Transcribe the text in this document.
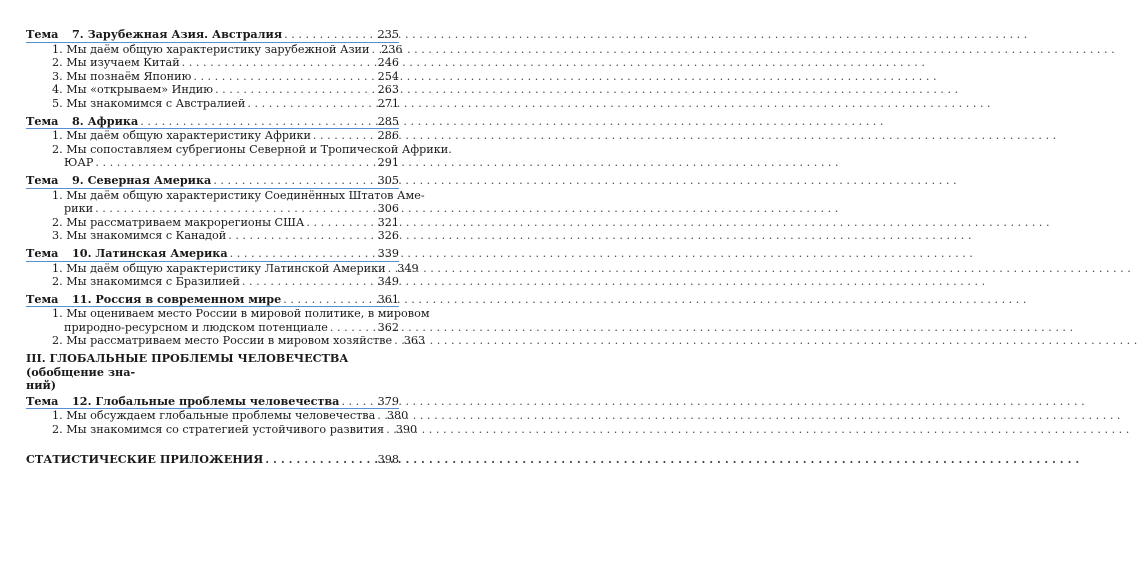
Тема 7. Зарубежная Азия. Австралия . . .	235
1. Мы даём общую характеристику зарубежной Азии . . . 236
2. Мы изучаем Китай . . .	246
3. Мы познаём Японию . . .	254
4. Мы «открываем» Индию . . .	263
5. Мы знакомимся с Австралией . . .	271
Тема 8. Африка . . .	285
1. Мы даём общую характеристику Африки . . .	286
2. Мы сопоставляем субрегионы Северной и Тропической Африки.
ЮАР . . .	291
Тема 9. Северная Америка . . .	305
1. Мы даём общую характеристику Соединённых Штатов Аме-
рики . . .	306
2. Мы рассматриваем макрорегионы США . . .	321
3. Мы знакомимся с Канадой . . .	326
Тема 10. Латинская Америка . . .	339
1. Мы даём общую характеристику Латинской Америки . . . 349
2. Мы знакомимся с Бразилией . . .	349
Тема 11. Россия в современном мире . . .	361
1. Мы оцениваем место России в мировой политике, в мировом
природно-ресурсном и людском потенциале . . .	362
2. Мы рассматриваем место России в мировом хозяйстве . . . 363
III. ГЛОБАЛЬНЫЕ ПРОБЛЕМЫ ЧЕЛОВЕЧЕСТВА (обобщение зна-
ний)
Тема 12. Глобальные проблемы человечества . . .	379
1. Мы обсуждаем глобальные проблемы человечества . . . 380
2. Мы знакомимся со стратегией устойчивого развития . . . 390
СТАТИСТИЧЕСКИЕ ПРИЛОЖЕНИЯ . . .	398
